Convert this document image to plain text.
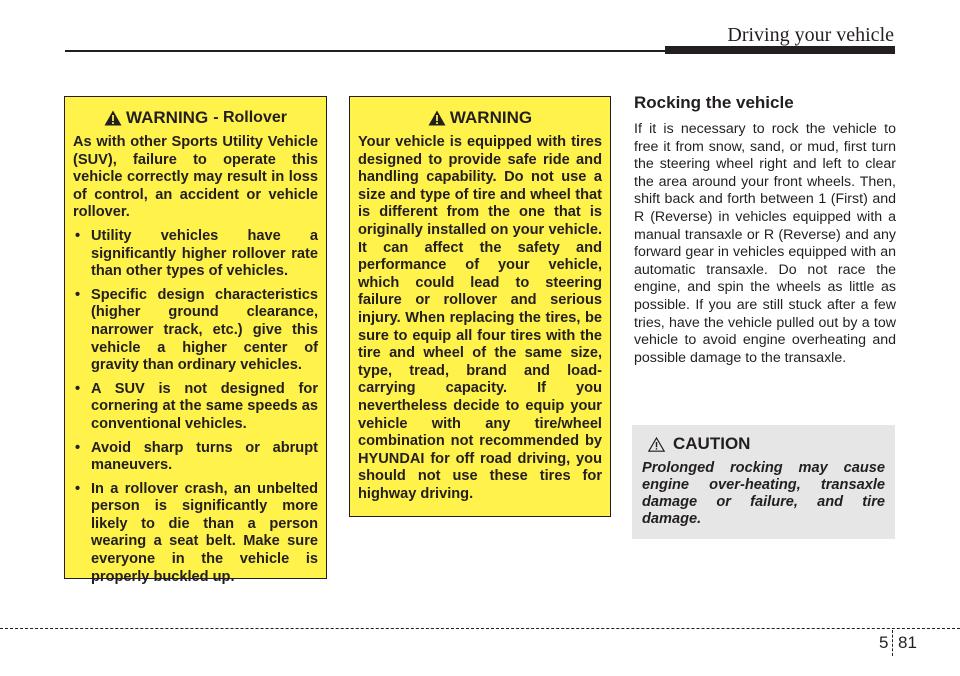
Driving your vehicle
WARNING - Rollover

As with other Sports Utility Vehicle (SUV), failure to operate this vehicle correctly may result in loss of control, an accident or vehicle rollover.

• Utility vehicles have a significantly higher rollover rate than other types of vehicles.
• Specific design characteristics (higher ground clearance, narrower track, etc.) give this vehicle a higher center of gravity than ordinary vehicles.
• A SUV is not designed for cornering at the same speeds as conventional vehicles.
• Avoid sharp turns or abrupt maneuvers.
• In a rollover crash, an unbelted person is significantly more likely to die than a person wearing a seat belt. Make sure everyone in the vehicle is properly buckled up.
WARNING

Your vehicle is equipped with tires designed to provide safe ride and handling capability. Do not use a size and type of tire and wheel that is different from the one that is originally installed on your vehicle. It can affect the safety and performance of your vehicle, which could lead to steering failure or rollover and serious injury. When replacing the tires, be sure to equip all four tires with the tire and wheel of the same size, type, tread, brand and load-carrying capacity. If you nevertheless decide to equip your vehicle with any tire/wheel combination not recommended by HYUNDAI for off road driving, you should not use these tires for highway driving.

Rocking the vehicle

If it is necessary to rock the vehicle to free it from snow, sand, or mud, first turn the steering wheel right and left to clear the area around your front wheels. Then, shift back and forth between 1 (First) and R (Reverse) in vehicles equipped with a manual transaxle or R (Reverse) and any forward gear in vehicles equipped with an automatic transaxle. Do not race the engine, and spin the wheels as little as possible. If you are still stuck after a few tries, have the vehicle pulled out by a tow vehicle to avoid engine overheating and possible damage to the transaxle.

CAUTION

Prolonged rocking may cause engine over-heating, transaxle damage or failure, and tire damage.

5 81
